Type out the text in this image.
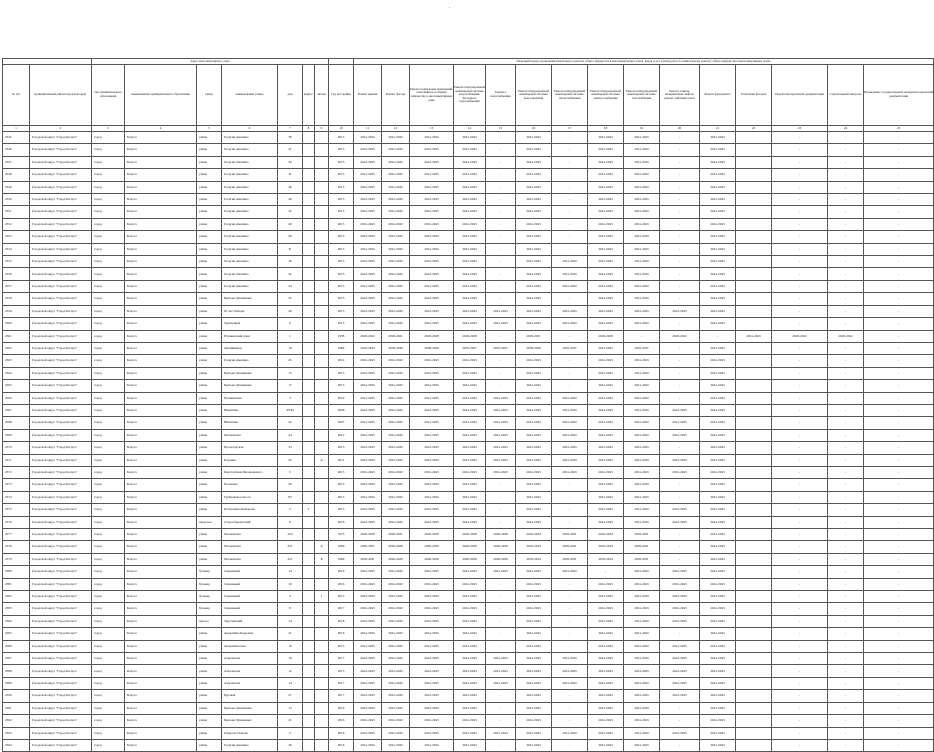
.
		Адрес многоквартирного дома								Плановый период проведения капитального ремонта общего имущества в многоквартирных домах, видов услуг и (или) работ по капитальному ремонту общего имущества в многоквартирных домах														
№ п/п	муниципальный район/городской округ	тип муниципального образования	наименование муниципального образования	улица	наименование улицы	дом	корпус	литера	Год постройки	Ремонт крыши	Ремонт фасада	Ремонт подвальных помещений, относящихся к общему имуществу в многоквартирном доме	Ремонт внутридомовой инженерной системы водоснабжения: Холодного водоснабжения	Горячего водоснабжения	Ремонт внутридомовой инженерной системы водоотведения	Ремонт внутридомовой инженерной системы теплоснабжения	Ремонт внутридомовой инженерной системы электроснабжения	Ремонт внутридомовой инженерной системы газоснабжения	Ремонт, замена, модернизация лифтов, ремонт лифтовых шахт	Ремонт фундамента	Утепление фасадов	Разработка проектной документации	Строительный контроль	Проведение государственной экспертизы проектной документации
1	2	3	4	5	6	7	8	9	10	11	12	13	14	15	16	17	18	19	20	21	22	23	24	25
2545	Городской округ "Город Калуга"	город	Калуга	улица	Георгия Амелина	39			2015	2041-2043	2041-2043	2041-2043	2041-2043	-	2041-2043	-	2041-2043	2041-2043	-	2041-2043		-	-	-
2546	Городской округ "Город Калуга"	город	Калуга	улица	Георгия Амелина	47			2015	2041-2043	2041-2043	2041-2043	2041-2043	-	2041-2043	-	2041-2043	2041-2043	-	2041-2043		-	-	-
2547	Городской округ "Город Калуга"	город	Калуга	улица	Георгия Амелина	43			2015	2041-2043	2041-2043	2041-2043	2041-2043	-	2041-2043	-	2041-2043	2041-2043	-	2041-2043		-	-	-
2548	Городской округ "Город Калуга"	город	Калуга	улица	Георгия Амелина	41			2015	2041-2043	2041-2043	2041-2043	2041-2043	-	2041-2043	-	2041-2043	2041-2043	-	2041-2043		-	-	-
2549	Городской округ "Город Калуга"	город	Калуга	улица	Георгия Амелина	49			2015	2041-2043	2041-2043	2041-2043	2041-2043	-	2041-2043	-	2041-2043	2041-2043	-	2041-2043		-	-	-
2550	Городской округ "Город Калуга"	город	Калуга	улица	Георгия Амелина	26			2015	2041-2043	2041-2043	2041-2043	2041-2043	-	2041-2043	-	2041-2043	2041-2043	-	2041-2043		-	-	-
2551	Городской округ "Город Калуга"	город	Калуга	улица	Георгия Амелина	32			2015	2041-2043	2041-2043	2041-2043	2041-2043	-	2041-2043	-	2041-2043	2041-2043	-	2041-2043		-	-	-
2552	Городской округ "Город Калуга"	город	Калуга	улица	Георгия Амелина	40			2015	2041-2043	2041-2043	2041-2043	2041-2043	-	2041-2043	-	2041-2043	2041-2043	-	2041-2043		-	-	-
2553	Городской округ "Город Калуга"	город	Калуга	улица	Георгия Амелина	28			2015	2041-2043	2041-2043	2041-2043	2041-2043	-	2041-2043	-	2041-2043	2041-2043	-	2041-2043		-	-	-
2554	Городской округ "Город Калуга"	город	Калуга	улица	Георгия Амелина	31			2015	2041-2043	2041-2043	2041-2043	2041-2043	-	2041-2043	-	2041-2043	2041-2043	-	2041-2043		-	-	-
2555	Городской округ "Город Калуга"	город	Калуга	улица	Георгия Амелина	30			2015	2041-2043	2041-2043	2041-2043	2041-2043	-	2041-2043	2041-2043	2041-2043	2041-2043	-	2041-2043		-	-	-
2556	Городской округ "Город Калуга"	город	Калуга	улица	Георгия Амелина	42			2015	2041-2043	2041-2043	2041-2043	2041-2043	-	2041-2043	2041-2043	2041-2043	2041-2043	-	2041-2043		-	-	-
2557	Городской округ "Город Калуга"	город	Калуга	улица	Георгия Амелина	24			2015	2041-2043	2041-2043	2041-2043	2041-2043	-	2041-2043	2041-2043	2041-2043	2041-2043	-	2041-2043		-	-	-
2558	Городской округ "Город Калуга"	город	Калуга	улица	Братьев Луканиных	25			2015	2041-2043	2041-2043	2041-2043	2041-2043	-	2041-2043	-	2041-2043	2041-2043	-	2041-2043		-	-	-
2559	Городской округ "Город Калуга"	город	Калуга	улица	65 лет Победы	20			2015	2041-2043	2041-2043	2041-2043	2041-2043	2041-2043	2041-2043	2041-2043	2041-2043	2041-2043	2041-2043	2041-2043		-	-	-
2560	Городской округ "Город Калуга"	город	Калуга	улица	Терепецкая	6			2015	2041-2043	2041-2043	2041-2043	2041-2043	2041-2043	2041-2043	2041-2043	2041-2043	2041-2043	-	2041-2043		-	-	-
2561	Городской округ "Город Калуга"	город	Калуга	улица	Пушкинский плац	1			1958	2020-2022	2020-2021	2026-2028	2026-2028	-	2029-2031	-	2026-2028	-	2020-2022	-	2041-2043	2020-2022	2020-2022	-
2562	Городской округ "Город Калуга"	город	Калуга	улица	Литейщиков	19			1982	2032-2034	2038-2040	2038-2040	2035-2037	2035-2037	2038-2040	2035-2037	2041-2043	2035-2037	-	2041-2043		-	-	-
2563	Городской округ "Город Калуга"	город	Калуга	улица	Георгия Амелина	45			2014	2041-2043	2041-2043	2041-2043	2041-2043	-	2041-2043	-	2041-2043	2041-2043	-	2041-2043		-	-	-
2564	Городской округ "Город Калуга"	город	Калуга	улица	Братьев Луканиных	15			2015	2041-2043	2041-2043	2041-2043	2041-2043	-	2041-2043	-	2041-2043	2041-2043	-	2041-2043		-	-	-
2565	Городской округ "Город Калуга"	город	Калуга	улица	Братьев Луканиных	17			2015	2041-2043	2041-2043	2041-2043	2041-2043	-	2041-2043	-	2041-2043	2041-2043	-	2041-2043		-	-	-
2566	Городской округ "Город Калуга"	город	Калуга	улица	Пушкинская	3			2016	2041-2043	2041-2043	2041-2043	2041-2043	2041-2043	2041-2043	2041-2043	2041-2043	2041-2043	-	2041-2043		-	-	-
2567	Городской округ "Город Калуга"	город	Калуга	улица	Никитина	45/49			2009	2041-2043	2041-2043	2041-2043	2041-2043	2041-2043	2041-2043	2041-2043	2041-2043	2041-2043	2041-2043	2041-2043		-	-	-
2568	Городской округ "Город Калуга"	город	Калуга	улица	Никитина	42			2007	2041-2043	2041-2043	2041-2043	2041-2043	2041-2043	2041-2043	2041-2043	2041-2043	2041-2043	2041-2043	2041-2043		-	-	-
2569	Городской округ "Город Калуга"	город	Калуга	улица	Московская	44			2012	2041-2043	2041-2043	2041-2043	2041-2043	2041-2043	2041-2043	2041-2043	2041-2043	2041-2043	2041-2043	2041-2043		-	-	-
2570	Городской округ "Город Калуга"	город	Калуга	улица	Пролетарская	33			2013	2041-2043	2041-2043	2041-2043	2041-2043	2041-2043	2041-2043	2041-2043	2041-2043	2041-2043	-	2041-2043		-	-	-
2571	Городской округ "Город Калуга"	город	Калуга	улица	Болдина	22		А	2011	2041-2043	2041-2043	2041-2043	2041-2043	2041-2043	2041-2043	2041-2043	2041-2043	2041-2043	2041-2043	2041-2043		-	-	-
2572	Городской округ "Город Калуга"	город	Калуга	улица	Константина Циолковского	5			2015	2041-2043	2041-2043	2041-2043	2041-2043	2041-2043	2041-2043	2041-2043	2041-2043	2041-2043	2041-2043	2041-2043		-	-	-
2573	Городской округ "Город Калуга"	город	Калуга	улица	Поленова	39			2015	2041-2043	2041-2043	2041-2043	2041-2043	-	2041-2043	-	2041-2043	2041-2043	-	2041-2043		-	-	-
2574	Городской округ "Город Калуга"	город	Калуга	улица	Грабцевское шоссе	83			2015	2041-2043	2041-2043	2041-2043	2041-2043	-	2041-2043	-	2041-2043	2041-2043	-	2041-2043		-	-	-
2575	Городской округ "Город Калуга"	город	Калуга	улица	Космонавта Комарова	3	2		2015	2041-2043	2041-2043	2041-2043	2041-2043	-	2041-2043	-	2041-2043	2041-2043	2041-2043	2041-2043		-	-	-
2576	Городской округ "Город Калуга"	город	Калуга	переулок	Старообрядческий	6			2016	2041-2043	2041-2043	2041-2043	2041-2043	-	2041-2043	-	2041-2043	2041-2043	2041-2043	2041-2043		-	-	-
2577	Городской округ "Город Калуга"	город	Калуга	улица	Московская	223			1973	2026-2028	2029-2031	2026-2028	2026-2028	2026-2028	2032-2034	2029-2031	2032-2034	2029-2031	-	2041-2043		-	-	-
2578	Городской округ "Город Калуга"	город	Калуга	улица	Московская	221		А	1969	2020-2021	2026-2028	2026-2028	2026-2028	2026-2028	2032-2034	2029-2031	2032-2034	2029-2031	-	2041-2043		-	-	-
2579	Городской округ "Город Калуга"	город	Калуга	улица	Московская	221		Б	1969	2029-2031	2026-2028	2026-2028	2026-2028	2026-2028	2032-2034	2029-2031	2032-2034	2029-2031	-	2041-2043		-	-	-
2580	Городской округ "Город Калуга"	город	Калуга	бульвар	Сиреневый	14			2016	2041-2043	2041-2043	2041-2043	2041-2043	2041-2043	2041-2043	2041-2043	-	2041-2043	2041-2043	2041-2043		-	-	-
2581	Городской округ "Город Калуга"	город	Калуга	бульвар	Сиреневый	10			2016	2041-2043	2041-2043	2041-2043	2041-2043	-	2041-2043	-	2041-2043	2041-2043	2041-2043	2041-2043		-	-	-
2582	Городской округ "Город Калуга"	город	Калуга	бульвар	Сиреневый	4		1	2013	2041-2043	2041-2043	2041-2043	2041-2043	-	2041-2043	-	2041-2043	2041-2043	2041-2043	2041-2043		-	-	-
2583	Городской округ "Город Калуга"	город	Калуга	бульвар	Сиреневый	8			2017	2041-2043	2041-2043	2041-2043	2041-2043	-	2041-2043	-	2041-2043	2041-2043	2041-2043	2041-2043		-	-	-
2584	Городской округ "Город Калуга"	город	Калуга	проезд	Тарутинский	14			2018	2041-2043	2041-2043	2041-2043	2041-2043	-	2041-2043	-	2041-2043	2041-2043	2041-2043	2041-2043		-	-	-
2585	Городской округ "Город Калуга"	город	Калуга	улица	Академика Королева	21			2016	2041-2043	2041-2043	2041-2043	2041-2043	-	2041-2043	-	2041-2043	2041-2043	-	2041-2043		-	-	-
2586	Городской округ "Город Калуга"	город	Калуга	улица	Академическая	16			2015	2041-2043	2041-2043	2041-2043	2041-2043	-	2041-2043	-	2041-2043	2041-2043	2041-2043	2041-2043		-	-	-
2587	Городской округ "Город Калуга"	город	Калуга	улица	Азаровская	19			2017	2041-2043	2041-2043	2041-2043	2041-2043	2041-2043	2041-2043	2041-2043	2041-2043	2041-2043	2041-2043	2041-2043		-	-	-
2588	Городской округ "Город Калуга"	город	Калуга	улица	Азаровская	12			2015	2041-2043	2041-2043	2041-2043	2041-2043	2041-2043	2041-2043	2041-2043	2041-2043	2041-2043	2041-2043	2041-2043		-	-	-
2589	Городской округ "Город Калуга"	город	Калуга	улица	Азаровская	14			2017	2041-2043	2041-2043	2041-2043	2041-2043	2041-2043	2041-2043	2041-2043	2041-2043	2041-2043	2041-2043	2041-2043		-	-	-
2590	Городской округ "Город Калуга"	город	Калуга	улица	Буровая	27			2017	2041-2043	2041-2043	2041-2043	2041-2043	-	2041-2043	-	2041-2043	2041-2043	2041-2043	2041-2043		-	-	-
2591	Городской округ "Город Калуга"	город	Калуга	улица	Братьев Луканиных	13			2016	2041-2043	2041-2043	2041-2043	2041-2043	-	2041-2043	-	2041-2043	2041-2043	-	2041-2043		-	-	-
2592	Городской округ "Город Калуга"	город	Калуга	улица	Братьев Луканиных	21			2016	2041-2043	2041-2043	2041-2043	2041-2043	-	2041-2043	-	2041-2043	2041-2043	-	2041-2043		-	-	-
2593	Городской округ "Город Калуга"	город	Калуга	улица	Генерала Попова	2			2016	2041-2043	2041-2043	2041-2043	2041-2043	2041-2043	2041-2043	2041-2043	2041-2043	2041-2043	2041-2043	2041-2043		-	-	-
2594	Городской округ "Город Калуга"	город	Калуга	улица	Георгия Амелина	26			2016	2041-2043	2041-2043	2041-2043	2041-2043	-	2041-2043	-	2041-2043	2041-2043	-	2041-2043		-	-	-
